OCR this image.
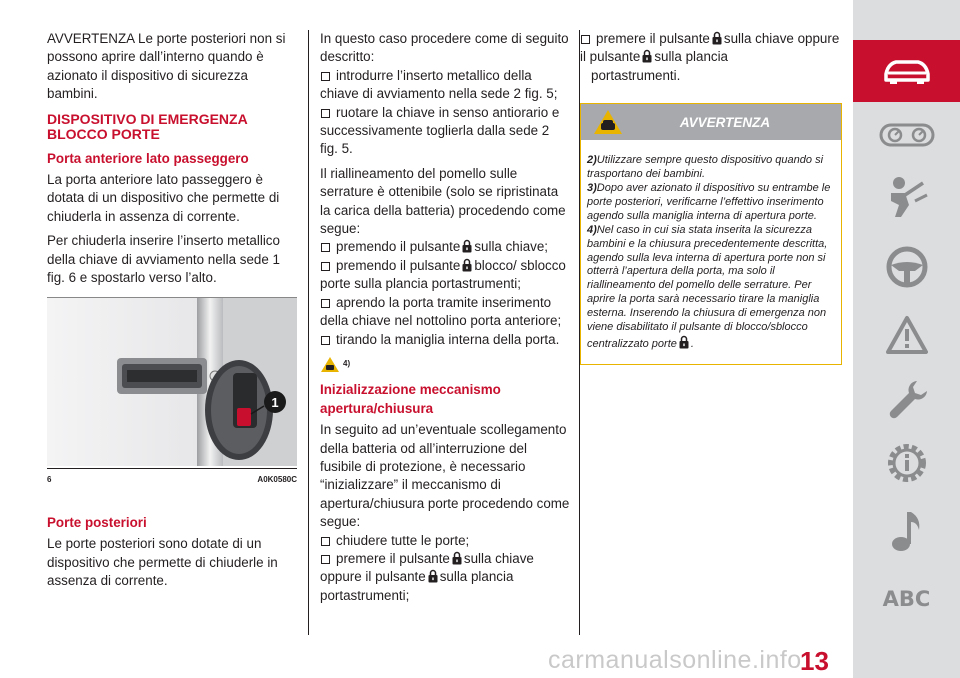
AVVERTENZA Le porte posteriori non si possono aprire dall’interno quando è azionato il dispositivo di sicurezza bambini.

DISPOSITIVO DI EMERGENZA BLOCCO PORTE
Porta anteriore lato passeggero

La porta anteriore lato passeggero è dotata di un dispositivo che permette di chiuderla in assenza di corrente.

Per chiuderla inserire l’inserto metallico della chiave di avviamento nella sede 1 fig. 6 e spostarlo verso l’alto.

1
6	A0K0580C
Porte posteriori

Le porte posteriori sono dotate di un dispositivo che permette di chiuderle in assenza di corrente.

In questo caso procedere come di seguito descritto:

introdurre l’inserto metallico della chiave di avviamento nella sede 2 fig. 5;

ruotare la chiave in senso antiorario e successivamente toglierla dalla sede 2 fig. 5.

Il riallineamento del pomello sulle serrature è ottenibile (solo se ripristinata la carica della batteria) procedendo come segue:

premendo il pulsante sulla chiave;

premendo il pulsante blocco/ sblocco porte sulla plancia portastrumenti;

aprendo la porta tramite inserimento della chiave nel nottolino porta anteriore;

tirando la maniglia interna della porta.

4)
Inizializzazione meccanismo apertura/chiusura

In seguito ad un’eventuale scollegamento della batteria od all’interruzione del fusibile di protezione, è necessario “inizializzare” il meccanismo di apertura/chiusura porte procedendo come segue:

chiudere tutte le porte;

premere il pulsante sulla chiave oppure il pulsante sulla plancia portastrumenti;

premere il pulsante sulla chiave oppure il pulsante sulla plancia
portastrumenti.

AVVERTENZA

2)Utilizzare sempre questo dispositivo quando si trasportano dei bambini.

3)Dopo aver azionato il dispositivo su entrambe le porte posteriori, verificarne l’effettivo inserimento agendo sulla maniglia interna di apertura porte.

4)Nel caso in cui sia stata inserita la sicurezza bambini e la chiusura precedentemente descritta, agendo sulla leva interna di apertura porte non si otterrà l’apertura della porta, ma solo il riallineamento del pomello delle serrature. Per aprire la porta sarà necessario tirare la maniglia esterna. Inserendo la chiusura di emergenza non viene disabilitato il pulsante di blocco/sblocco centralizzato porte .

ABC
carmanualsonline.info
13
